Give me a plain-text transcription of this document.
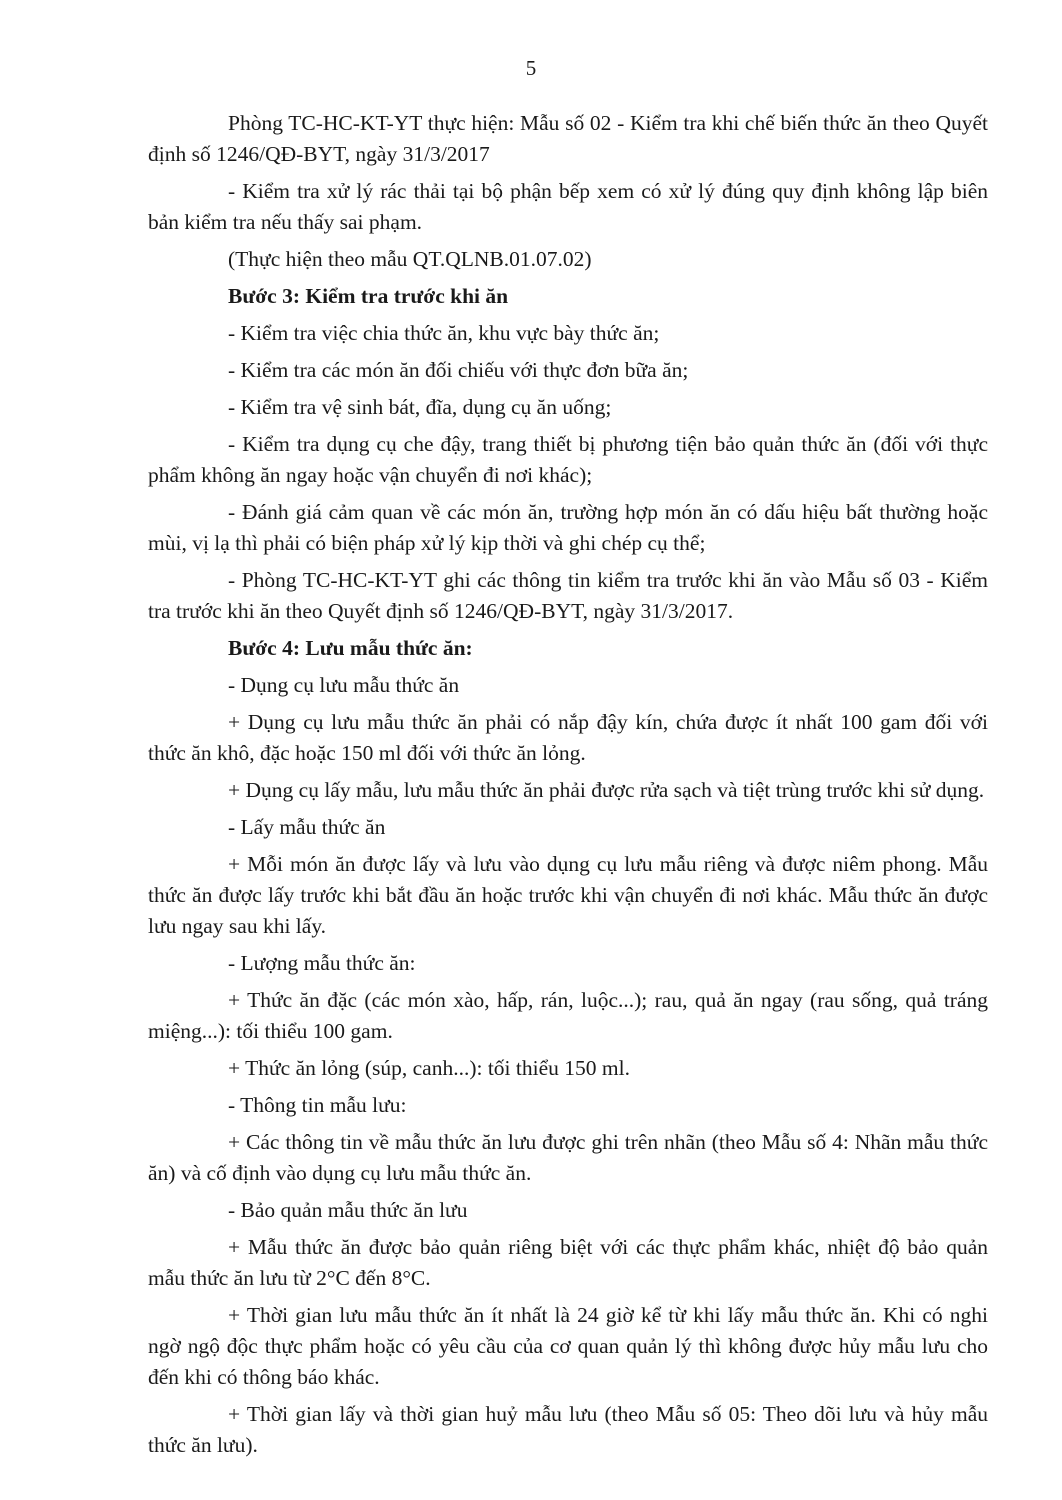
5

Phòng TC-HC-KT-YT thực hiện: Mẫu số 02 - Kiểm tra khi chế biến thức ăn theo Quyết định số 1246/QĐ-BYT, ngày 31/3/2017

- Kiểm tra xử lý rác thải tại bộ phận bếp xem có xử lý đúng quy định không lập biên bản kiểm tra nếu thấy sai phạm.

(Thực hiện theo mẫu QT.QLNB.01.07.02)

Bước 3: Kiểm tra trước khi ăn

- Kiểm tra việc chia thức ăn, khu vực bày thức ăn;

- Kiểm tra các món ăn đối chiếu với thực đơn bữa ăn;

- Kiểm tra vệ sinh bát, đĩa, dụng cụ ăn uống;

- Kiểm tra dụng cụ che đậy, trang thiết bị phương tiện bảo quản thức ăn (đối với thực phẩm không ăn ngay hoặc vận chuyển đi nơi khác);

- Đánh giá cảm quan về các món ăn, trường hợp món ăn có dấu hiệu bất thường hoặc mùi, vị lạ thì phải có biện pháp xử lý kịp thời và ghi chép cụ thể;

- Phòng TC-HC-KT-YT ghi các thông tin kiểm tra trước khi ăn vào Mẫu số 03 - Kiểm tra trước khi ăn theo Quyết định số 1246/QĐ-BYT, ngày 31/3/2017.

Bước 4: Lưu mẫu thức ăn:

- Dụng cụ lưu mẫu thức ăn

+ Dụng cụ lưu mẫu thức ăn phải có nắp đậy kín, chứa được ít nhất 100 gam đối với thức ăn khô, đặc hoặc 150 ml đối với thức ăn lỏng.

+ Dụng cụ lấy mẫu, lưu mẫu thức ăn phải được rửa sạch và tiệt trùng trước khi sử dụng.

- Lấy mẫu thức ăn

+ Mỗi món ăn được lấy và lưu vào dụng cụ lưu mẫu riêng và được niêm phong. Mẫu thức ăn được lấy trước khi bắt đầu ăn hoặc trước khi vận chuyển đi nơi khác. Mẫu thức ăn được lưu ngay sau khi lấy.

- Lượng mẫu thức ăn:

+ Thức ăn đặc (các món xào, hấp, rán, luộc...); rau, quả ăn ngay (rau sống, quả tráng miệng...): tối thiểu 100 gam.

+ Thức ăn lỏng (súp, canh...): tối thiểu 150 ml.

- Thông tin mẫu lưu:

+ Các thông tin về mẫu thức ăn lưu được ghi trên nhãn (theo Mẫu số 4: Nhãn mẫu thức ăn) và cố định vào dụng cụ lưu mẫu thức ăn.

- Bảo quản mẫu thức ăn lưu

+ Mẫu thức ăn được bảo quản riêng biệt với các thực phẩm khác, nhiệt độ bảo quản mẫu thức ăn lưu từ 2°C đến 8°C.

+ Thời gian lưu mẫu thức ăn ít nhất là 24 giờ kể từ khi lấy mẫu thức ăn. Khi có nghi ngờ ngộ độc thực phẩm hoặc có yêu cầu của cơ quan quản lý thì không được hủy mẫu lưu cho đến khi có thông báo khác.

+ Thời gian lấy và thời gian huỷ mẫu lưu (theo Mẫu số 05: Theo dõi lưu và hủy mẫu thức ăn lưu).
